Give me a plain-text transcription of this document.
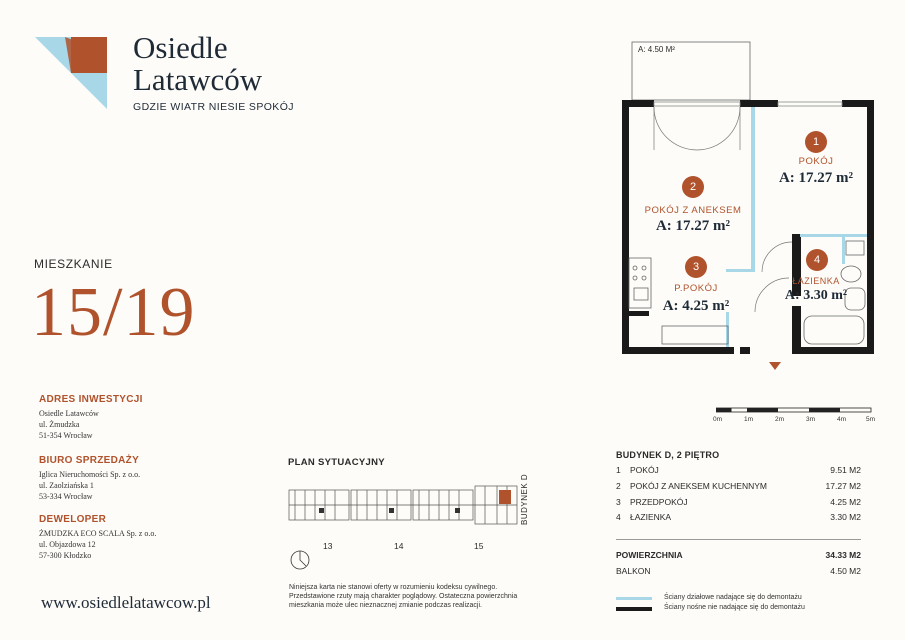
Osiedle
Latawców
GDZIE WIATR NIESIE SPOKÓJ
MIESZKANIE
15/19
ADRES INWESTYCJI
Osiedle Latawców
ul. Żmudzka
51-354 Wrocław
BIURO SPRZEDAŻY
Iglica Nieruchomości Sp. z o.o.
ul. Zaolziańska 1
53-334 Wrocław
DEWELOPER
ŻMUDZKA ECO SCALA Sp. z o.o.
ul. Objazdowa 12
57-300 Kłodzko
www.osiedlelatawcow.pl
PLAN SYTUACYJNY
13	14	15
BUDYNEK D
Niniejsza karta nie stanowi oferty w rozumieniu kodeksu cywilnego. Przedstawione rzuty mają charakter poglądowy. Ostateczna powierzchnia mieszkania może ulec nieznacznej zmianie podczas realizacji.
A: 4.50 M²
1
POKÓJ
A: 17.27 m²
2
POKÓJ Z ANEKSEM
A: 17.27 m²
3
P.POKÓJ
A: 4.25 m²
4
ŁAZIENKA
A: 3.30 m²
0m	1m	2m	3m	4m	5m
BUDYNEK D, 2 PIĘTRO
1 POKÓJ	9.51 M2
2 POKÓJ Z ANEKSEM KUCHENNYM	17.27 M2
3 PRZEDPOKÓJ	4.25 M2
4 ŁAZIENKA	3.30 M2
POWIERZCHNIA	34.33 M2
BALKON	4.50 M2
Ściany działowe nadające się do demontażu
Ściany nośne nie nadające się do demontażu
